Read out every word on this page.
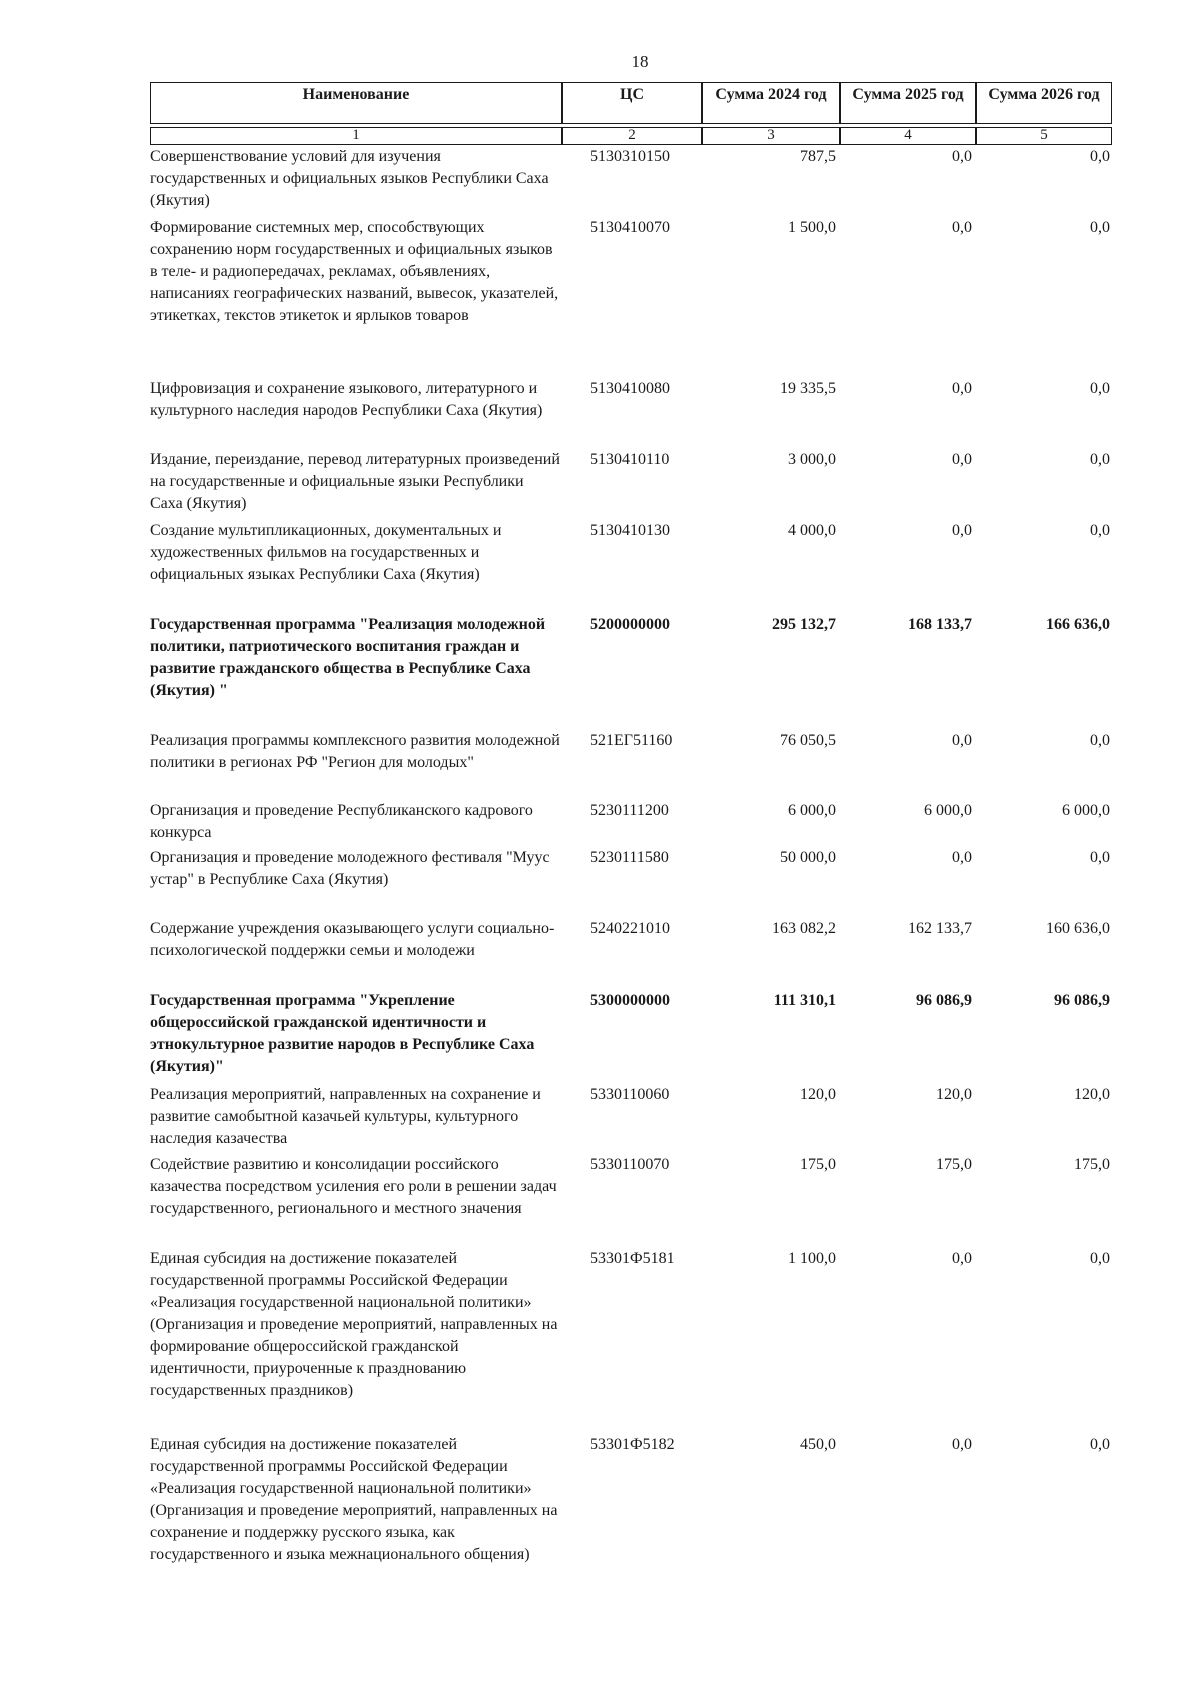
18
Наименование	ЦС	Сумма 2024 год	Сумма 2025 год	Сумма 2026 год
1	2	3	4	5
Совершенствование условий для изучения государственных и официальных языков Республики Саха (Якутия)
5130310150	787,5	0,0	0,0
Формирование системных мер, способствующих сохранению норм государственных и официальных языков в теле- и радиопередачах, рекламах, объявлениях, написаниях географических названий, вывесок, указателей, этикетках, текстов этикеток и ярлыков товаров
5130410070	1 500,0	0,0	0,0
Цифровизация и сохранение языкового, литературного и культурного наследия народов Республики Саха (Якутия)
5130410080	19 335,5	0,0	0,0
Издание, переиздание, перевод литературных произведений на государственные и официальные языки Республики Саха (Якутия)
5130410110	3 000,0	0,0	0,0
Создание мультипликационных, документальных и художественных фильмов на государственных и официальных языках Республики Саха (Якутия)
5130410130	4 000,0	0,0	0,0
Государственная программа "Реализация молодежной политики, патриотического воспитания граждан и развитие гражданского общества в Республике Саха (Якутия) "
5200000000	295 132,7	168 133,7	166 636,0
Реализация программы комплексного развития молодежной политики в регионах РФ "Регион для молодых"
521ЕГ51160	76 050,5	0,0	0,0
Организация и проведение Республиканского кадрового конкурса
5230111200	6 000,0	6 000,0	6 000,0
Организация и проведение молодежного фестиваля "Муус устар" в Республике Саха (Якутия)
5230111580	50 000,0	0,0	0,0
Содержание учреждения оказывающего услуги социально-психологической поддержки семьи и молодежи
5240221010	163 082,2	162 133,7	160 636,0
Государственная программа "Укрепление общероссийской гражданской идентичности и этнокультурное развитие народов в Республике Саха (Якутия)"
5300000000	111 310,1	96 086,9	96 086,9
Реализация мероприятий, направленных на сохранение и развитие самобытной казачьей культуры, культурного наследия казачества
5330110060	120,0	120,0	120,0
Содействие развитию и консолидации российского казачества посредством усиления его роли в решении задач государственного, регионального и местного значения
5330110070	175,0	175,0	175,0
Единая субсидия на достижение показателей государственной программы Российской Федерации «Реализация государственной национальной политики» (Организация и проведение мероприятий, направленных на формирование общероссийской гражданской идентичности, приуроченные к празднованию государственных праздников)
53301Ф5181	1 100,0	0,0	0,0
Единая субсидия на достижение показателей государственной программы Российской Федерации «Реализация государственной национальной политики» (Организация и проведение мероприятий, направленных на сохранение и поддержку русского языка, как государственного и языка межнационального общения)
53301Ф5182	450,0	0,0	0,0
